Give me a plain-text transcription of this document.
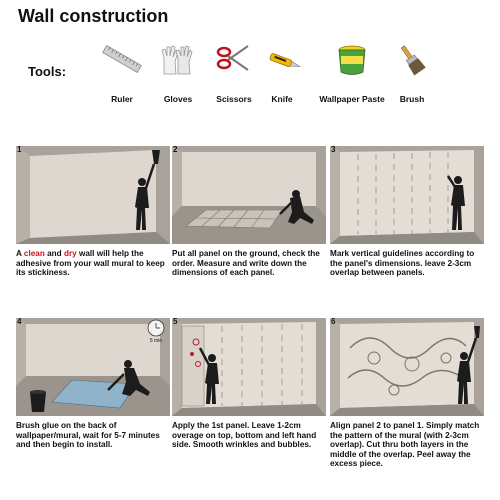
Wall construction
Tools:
Ruler	Gloves	Scissors Knife	Wallpaper Paste Brush
1
A clean and dry wall will help the adhesive from your wall mural to keep its stickiness.
2
Put all panel on the ground, check the order. Measure and write down the dimensions of each panel.
3
Mark vertical guidelines according to the panel's dimensions. leave 2-3cm overlap between panels.
5 min
4
Brush glue on the back of wallpaper/mural, wait for 5-7 minutes and then begin to install.
5
Apply the 1st panel. Leave 1-2cm overage on top, bottom and left hand side. Smooth wrinkles and bubbles.
6
Align panel 2 to panel 1. Simply match the pattern of the mural (with 2-3cm overlap). Cut thru both layers in the middle of the overlap. Peel away the excess piece.
